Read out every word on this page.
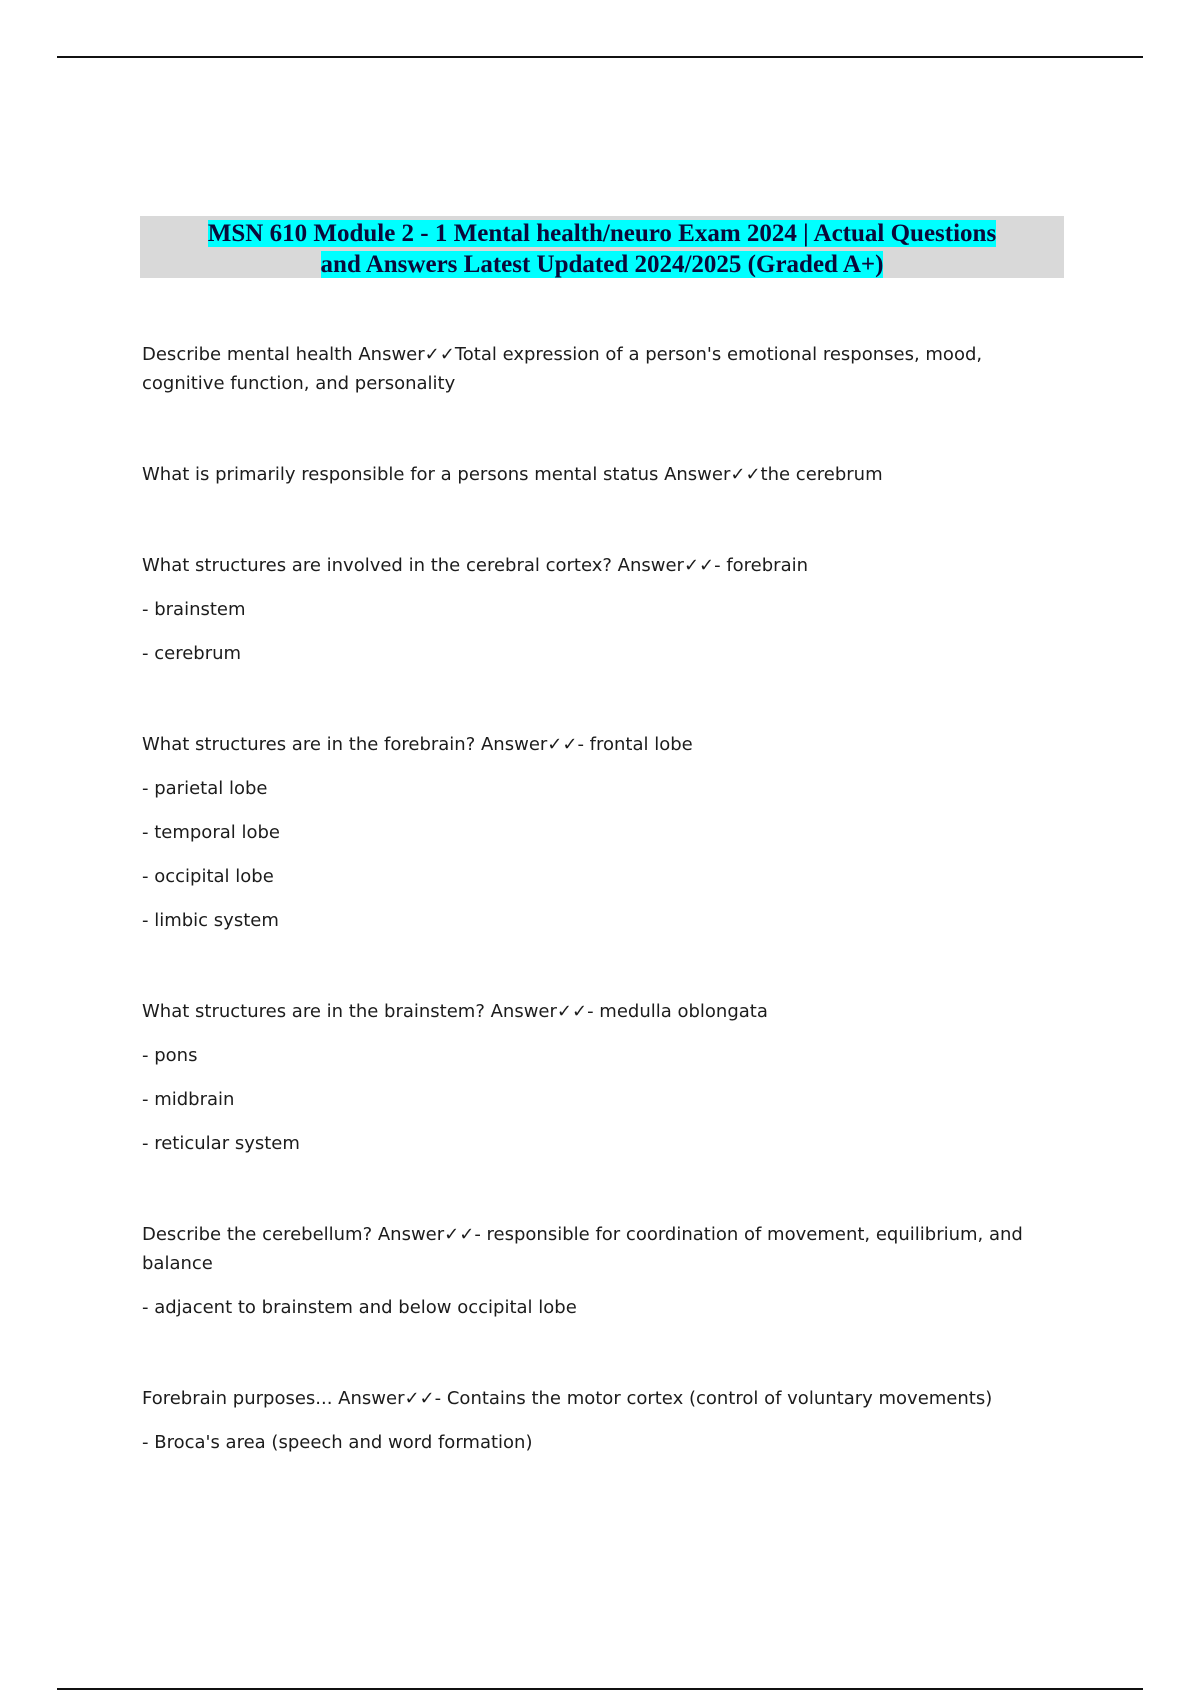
MSN 610 Module 2 - 1 Mental health/neuro Exam 2024 | Actual Questions
and Answers Latest Updated 2024/2025 (Graded A+)

Describe mental health Answer✓✓Total expression of a person's emotional responses, mood, cognitive function, and personality

What is primarily responsible for a persons mental status Answer✓✓the cerebrum

What structures are involved in the cerebral cortex? Answer✓✓- forebrain

- brainstem

- cerebrum

What structures are in the forebrain? Answer✓✓- frontal lobe

- parietal lobe

- temporal lobe

- occipital lobe

- limbic system

What structures are in the brainstem? Answer✓✓- medulla oblongata

- pons

- midbrain

- reticular system

Describe the cerebellum? Answer✓✓- responsible for coordination of movement, equilibrium, and balance

- adjacent to brainstem and below occipital lobe

Forebrain purposes... Answer✓✓- Contains the motor cortex (control of voluntary movements)

- Broca's area (speech and word formation)
